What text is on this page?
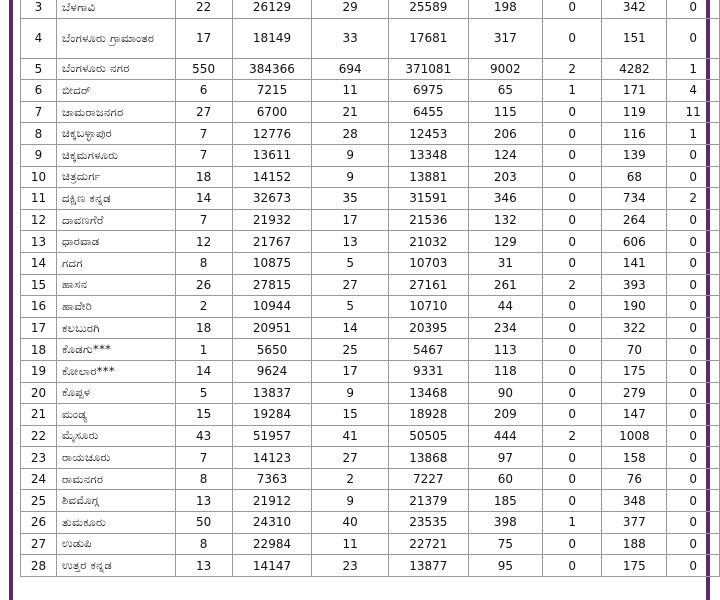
3	ಬೆಳಗಾವಿ	22	26129	29	25589	198	0	342	0
4	ಬೆಂಗಳೂರು ಗ್ರಾಮಾಂತರ	17	18149	33	17681	317	0	151	0
5	ಬೆಂಗಳೂರು ನಗರ	550	384366	694	371081	9002	2	4282	1
6	ಬೀದರ್	6	7215	11	6975	65	1	171	4
7	ಚಾಮರಾಜನಗರ	27	6700	21	6455	115	0	119	11
8	ಚಿಕ್ಕಬಳ್ಳಾಪುರ	7	12776	28	12453	206	0	116	1
9	ಚಿಕ್ಕಮಗಳೂರು	7	13611	9	13348	124	0	139	0
10	ಚಿತ್ರದುರ್ಗ	18	14152	9	13881	203	0	68	0
11	ದಕ್ಷಿಣ ಕನ್ನಡ	14	32673	35	31591	346	0	734	2
12	ದಾವಣಗೆರೆ	7	21932	17	21536	132	0	264	0
13	ಧಾರವಾಡ	12	21767	13	21032	129	0	606	0
14	ಗದಗ	8	10875	5	10703	31	0	141	0
15	ಹಾಸನ	26	27815	27	27161	261	2	393	0
16	ಹಾವೇರಿ	2	10944	5	10710	44	0	190	0
17	ಕಲಬುರಗಿ	18	20951	14	20395	234	0	322	0
18	ಕೊಡಗು***	1	5650	25	5467	113	0	70	0
19	ಕೋಲಾರ***	14	9624	17	9331	118	0	175	0
20	ಕೊಪ್ಪಳ	5	13837	9	13468	90	0	279	0
21	ಮಂಡ್ಯ	15	19284	15	18928	209	0	147	0
22	ಮೈಸೂರು	43	51957	41	50505	444	2	1008	0
23	ರಾಯಚೂರು	7	14123	27	13868	97	0	158	0
24	ರಾಮನಗರ	8	7363	2	7227	60	0	76	0
25	ಶಿವಮೊಗ್ಗ	13	21912	9	21379	185	0	348	0
26	ತುಮಕೂರು	50	24310	40	23535	398	1	377	0
27	ಉಡುಪಿ	8	22984	11	22721	75	0	188	0
28	ಉತ್ತರ ಕನ್ನಡ	13	14147	23	13877	95	0	175	0
